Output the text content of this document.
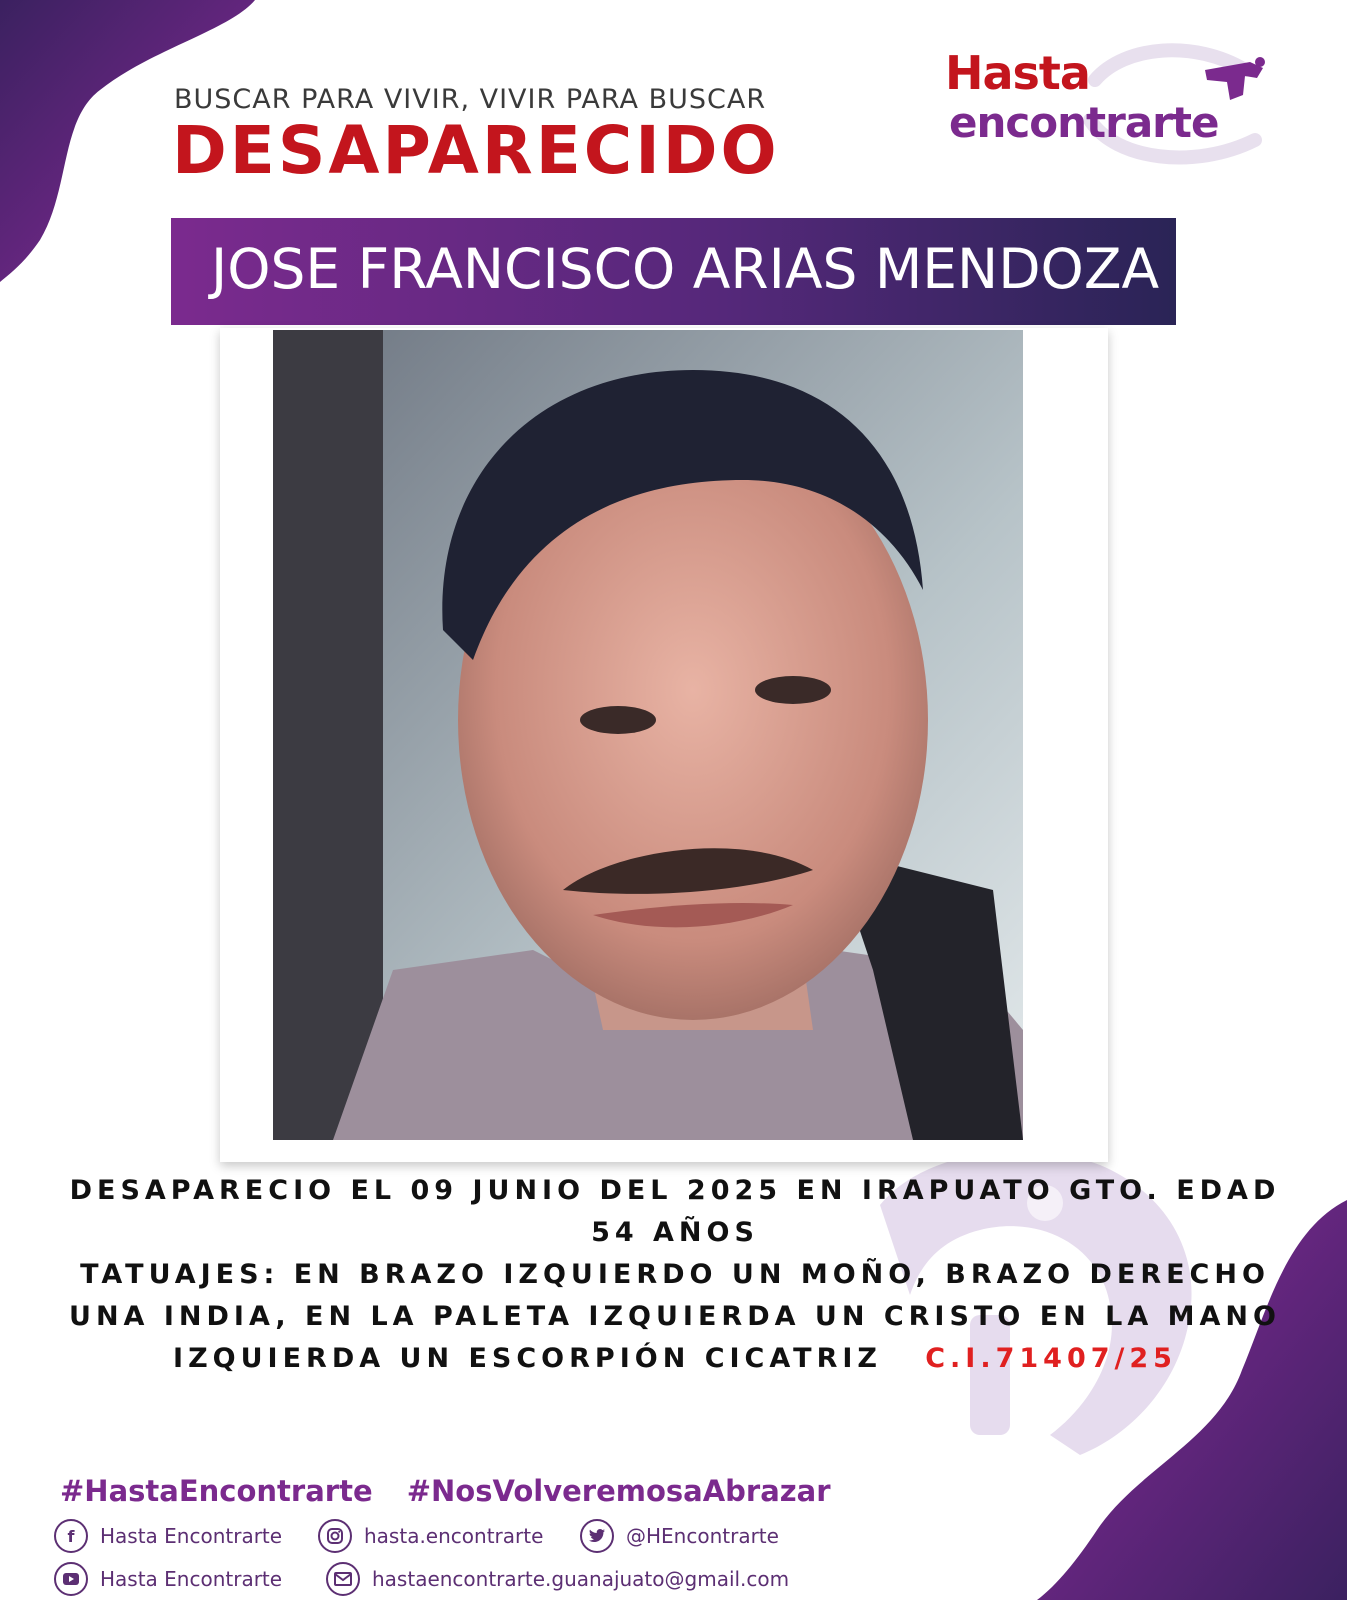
BUSCAR PARA VIVIR, VIVIR PARA BUSCAR
DESAPARECIDO
Hasta
encontrarte
JOSE FRANCISCO ARIAS MENDOZA
DESAPARECIO EL 09 JUNIO DEL 2025 EN IRAPUATO GTO. EDAD
54 AÑOS
TATUAJES: EN BRAZO IZQUIERDO UN MOÑO, BRAZO DERECHO
UNA INDIA, EN LA PALETA IZQUIERDA UN CRISTO EN LA MANO
IZQUIERDA UN ESCORPIÓN CICATRIZ C.I.71407/25
#HastaEncontrarte #NosVolveremosaAbrazar
f	Hasta Encontrarte	hasta.encontrarte	@HEncontrarte
Hasta Encontrarte	hastaencontrarte.guanajuato@gmail.com
